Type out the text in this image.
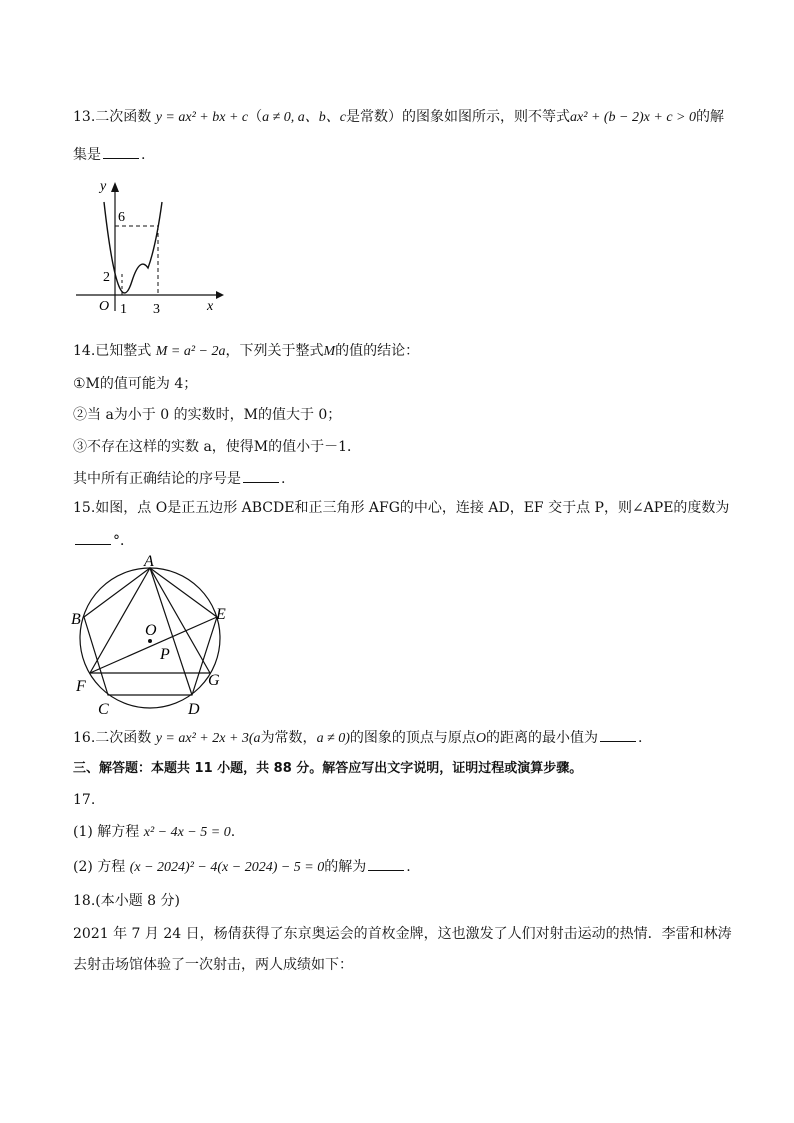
13.二次函数 y = ax² + bx + c（a ≠ 0, a、b、c是常数）的图象如图所示，则不等式ax² + (b − 2)x + c > 0的解
集是	.
y
x
O
6
2
1 3
14.已知整式 M = a² − 2a，下列关于整式M的值的结论：
①M的值可能为 4；
②当 a为小于 0 的实数时，M的值大于 0；
③不存在这样的实数 a，使得M的值小于－1．
其中所有正确结论的序号是	.
15.如图，点 O是正五边形 ABCDE和正三角形 AFG的中心，连接 AD，EF 交于点 P，则∠APE的度数为
°．
A
B
C	D
E
F	G
O
P
16.二次函数 y = ax² + 2x + 3(a为常数，a ≠ 0)的图象的顶点与原点O的距离的最小值为	.
三、解答题：本题共 11 小题，共 88 分。解答应写出文字说明，证明过程或演算步骤。
17.
(1) 解方程 x² − 4x − 5 = 0.
(2) 方程 (x − 2024)² − 4(x − 2024) − 5 = 0的解为	.
18.(本小题 8 分)
2021 年 7 月 24 日，杨倩获得了东京奥运会的首枚金牌，这也激发了人们对射击运动的热情．李雷和林涛
去射击场馆体验了一次射击，两人成绩如下：
